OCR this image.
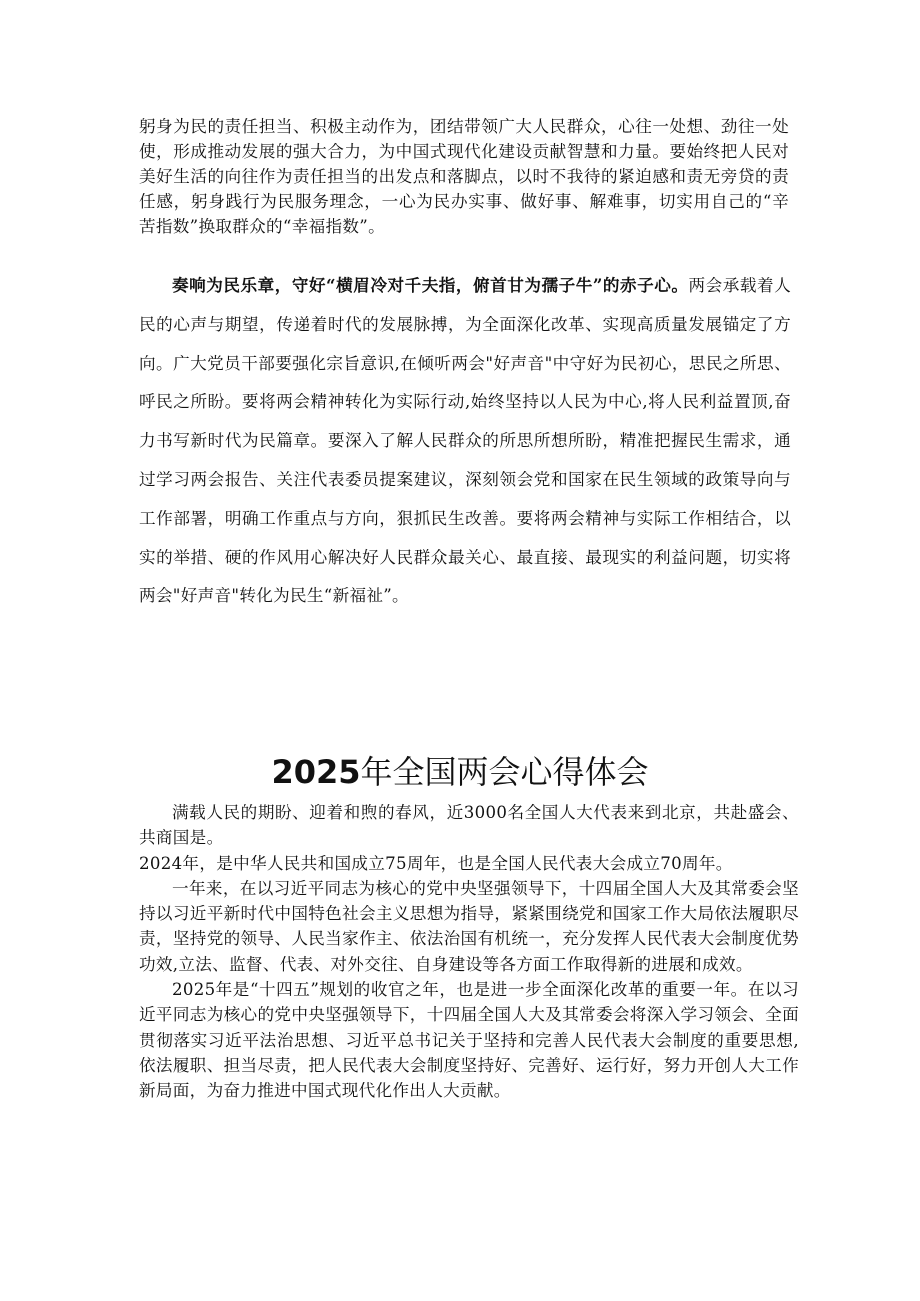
躬身为民的责任担当、积极主动作为，团结带领广大人民群众，心往一处想、劲往一处使，形成推动发展的强大合力，为中国式现代化建设贡献智慧和力量。要始终把人民对美好生活的向往作为责任担当的出发点和落脚点，以时不我待的紧迫感和责无旁贷的责任感，躬身践行为民服务理念，一心为民办实事、做好事、解难事，切实用自己的“辛苦指数”换取群众的“幸福指数”。

奏响为民乐章，守好“横眉冷对千夫指，俯首甘为孺子牛”的赤子心。两会承载着人民的心声与期望，传递着时代的发展脉搏，为全面深化改革、实现高质量发展锚定了方向。广大党员干部要强化宗旨意识,在倾听两会"好声音"中守好为民初心，思民之所思、呼民之所盼。要将两会精神转化为实际行动,始终坚持以人民为中心,将人民利益置顶,奋力书写新时代为民篇章。要深入了解人民群众的所思所想所盼，精准把握民生需求，通过学习两会报告、关注代表委员提案建议，深刻领会党和国家在民生领域的政策导向与工作部署，明确工作重点与方向，狠抓民生改善。要将两会精神与实际工作相结合，以实的举措、硬的作风用心解决好人民群众最关心、最直接、最现实的利益问题，切实将两会"好声音"转化为民生“新福祉”。

2025年全国两会心得体会

满载人民的期盼、迎着和煦的春风，近3000名全国人大代表来到北京，共赴盛会、共商国是。

2024年，是中华人民共和国成立75周年，也是全国人民代表大会成立70周年。

一年来，在以习近平同志为核心的党中央坚强领导下，十四届全国人大及其常委会坚持以习近平新时代中国特色社会主义思想为指导，紧紧围绕党和国家工作大局依法履职尽责，坚持党的领导、人民当家作主、依法治国有机统一，充分发挥人民代表大会制度优势功效,立法、监督、代表、对外交往、自身建设等各方面工作取得新的进展和成效。

2025年是“十四五”规划的收官之年，也是进一步全面深化改革的重要一年。在以习近平同志为核心的党中央坚强领导下，十四届全国人大及其常委会将深入学习领会、全面贯彻落实习近平法治思想、习近平总书记关于坚持和完善人民代表大会制度的重要思想,依法履职、担当尽责，把人民代表大会制度坚持好、完善好、运行好，努力开创人大工作新局面，为奋力推进中国式现代化作出人大贡献。
